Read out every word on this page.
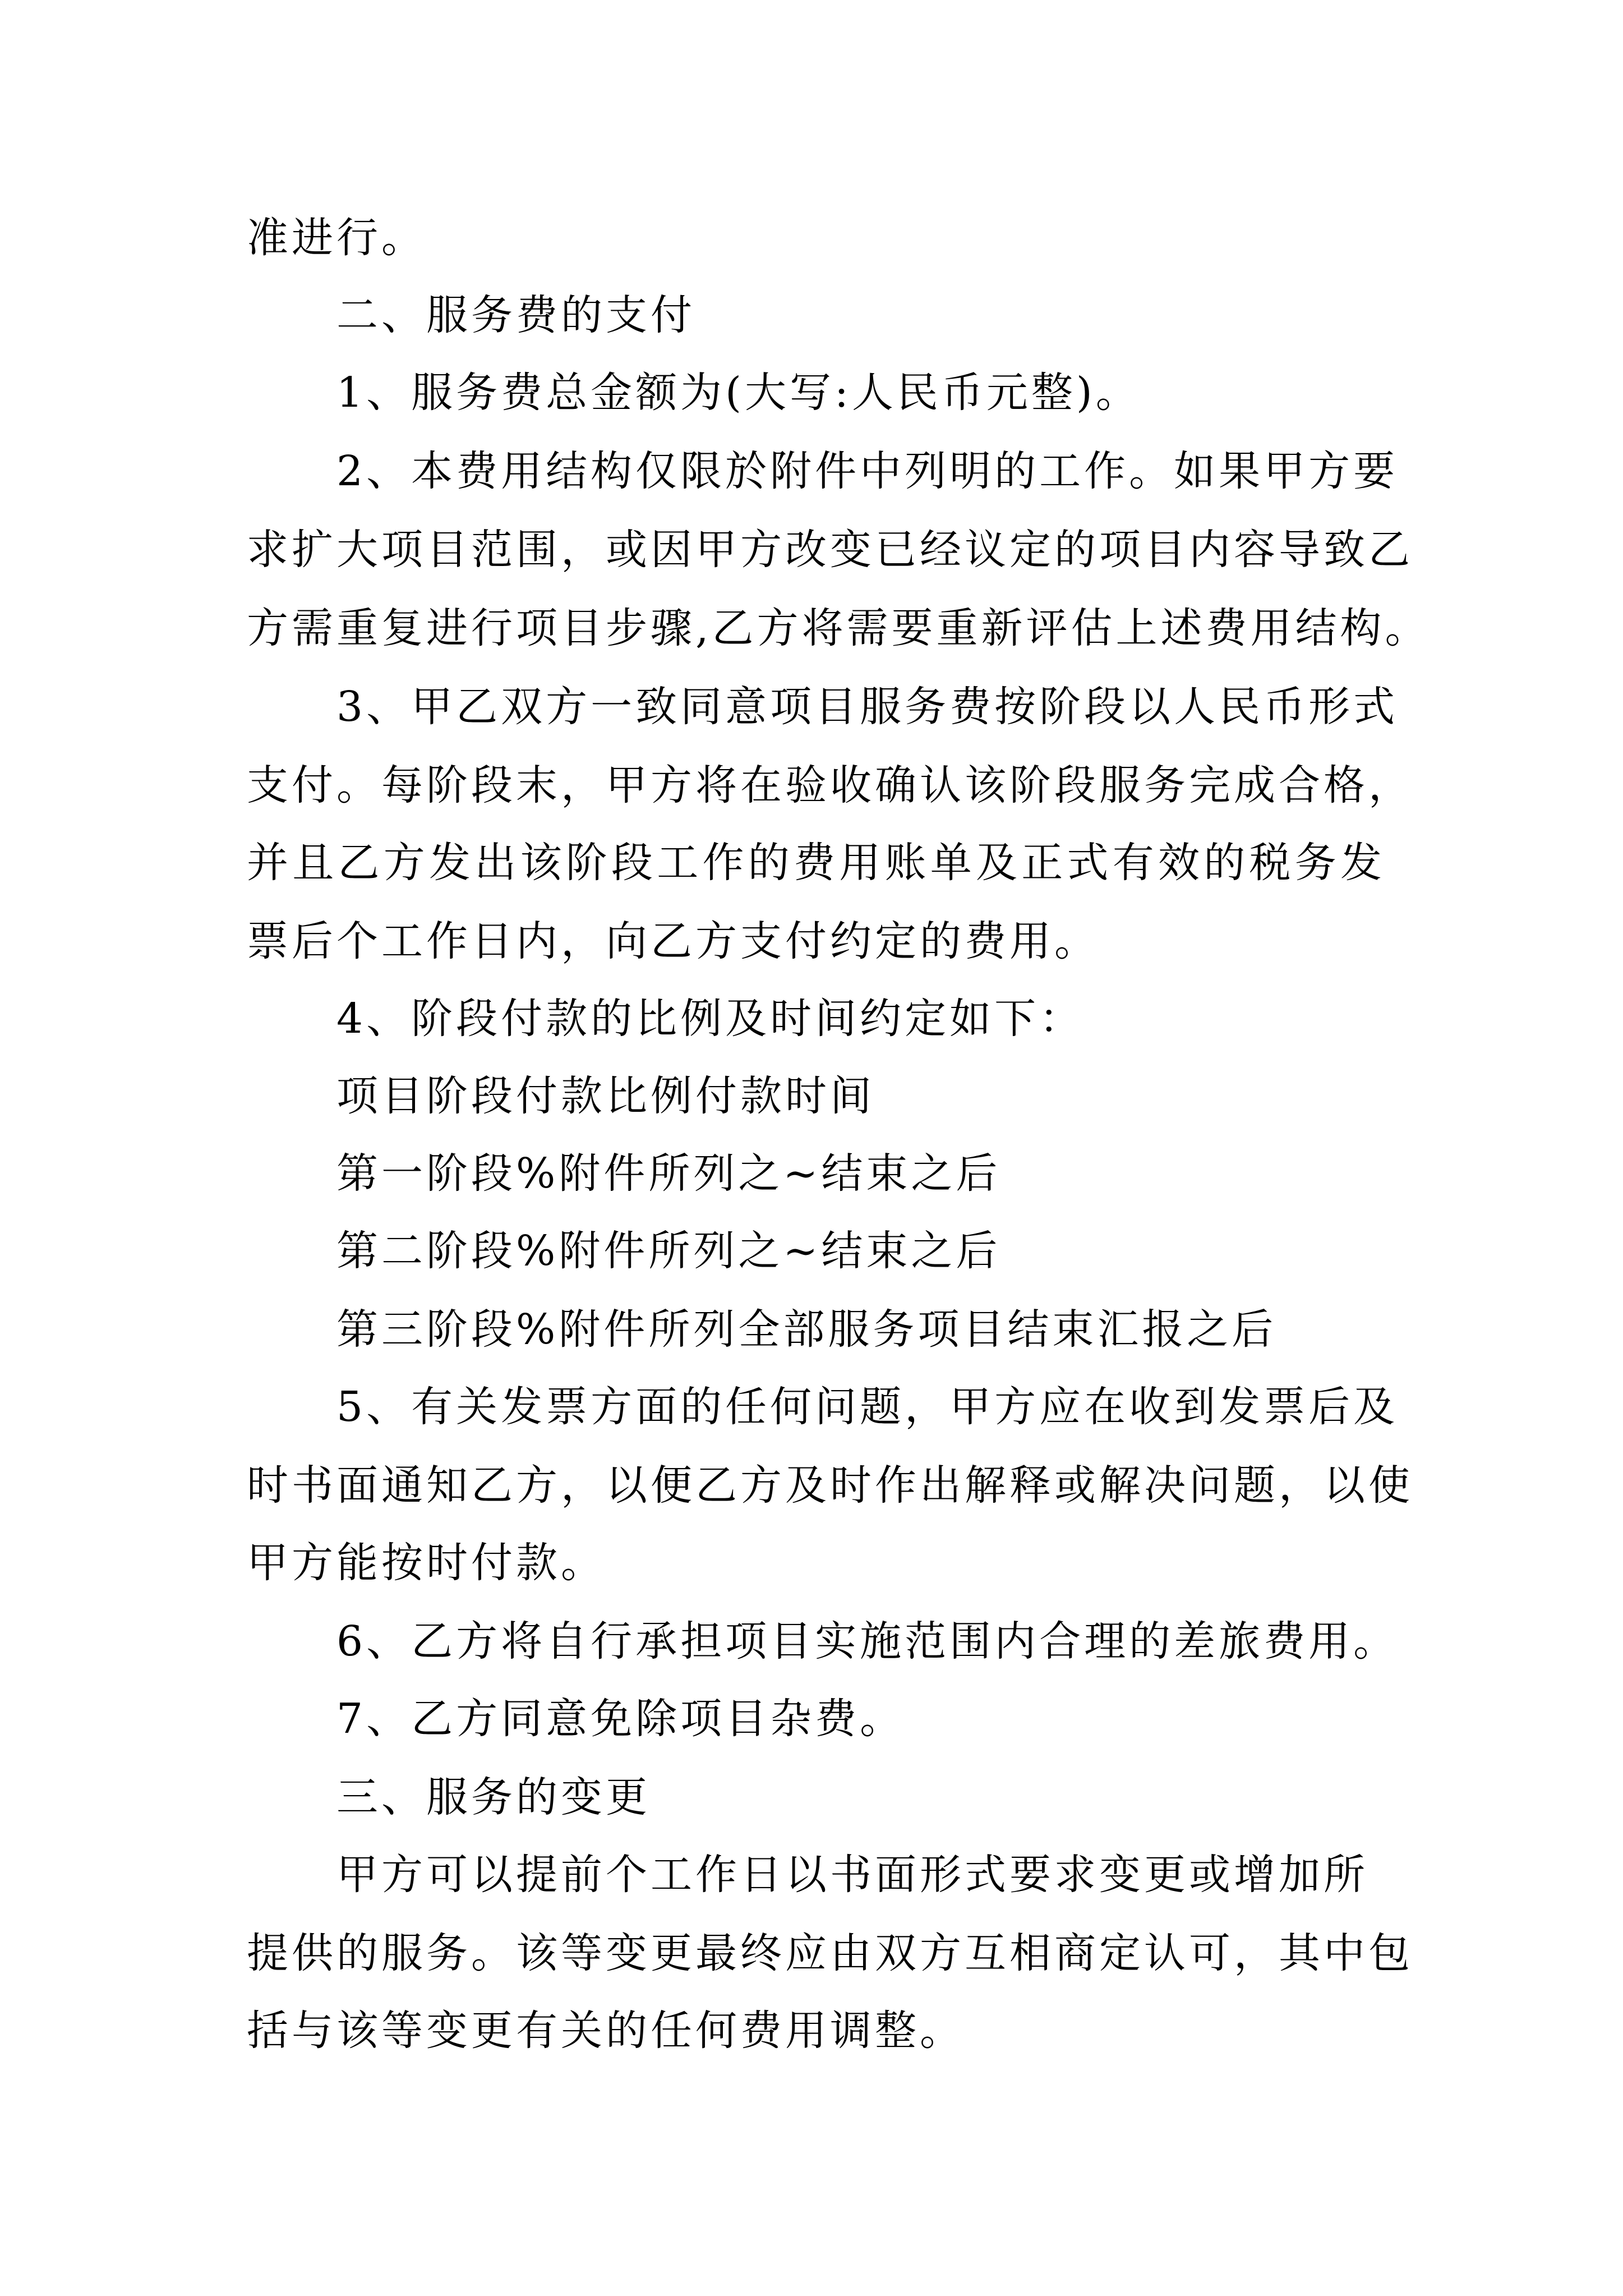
准进行。
二、服务费的支付
1、服务费总金额为(大写:人民币元整)。
2、本费用结构仅限於附件中列明的工作。如果甲方要
求扩大项目范围，或因甲方改变已经议定的项目内容导致乙
方需重复进行项目步骤,乙方将需要重新评估上述费用结构。
3、甲乙双方一致同意项目服务费按阶段以人民币形式
支付。每阶段末，甲方将在验收确认该阶段服务完成合格，
并且乙方发出该阶段工作的费用账单及正式有效的税务发
票后个工作日内，向乙方支付约定的费用。
4、阶段付款的比例及时间约定如下：
项目阶段付款比例付款时间
第一阶段%附件所列之~结束之后
第二阶段%附件所列之~结束之后
第三阶段%附件所列全部服务项目结束汇报之后
5、有关发票方面的任何问题，甲方应在收到发票后及
时书面通知乙方，以便乙方及时作出解释或解决问题，以使
甲方能按时付款。
6、乙方将自行承担项目实施范围内合理的差旅费用。
7、乙方同意免除项目杂费。
三、服务的变更
甲方可以提前个工作日以书面形式要求变更或增加所
提供的服务。该等变更最终应由双方互相商定认可，其中包
括与该等变更有关的任何费用调整。
